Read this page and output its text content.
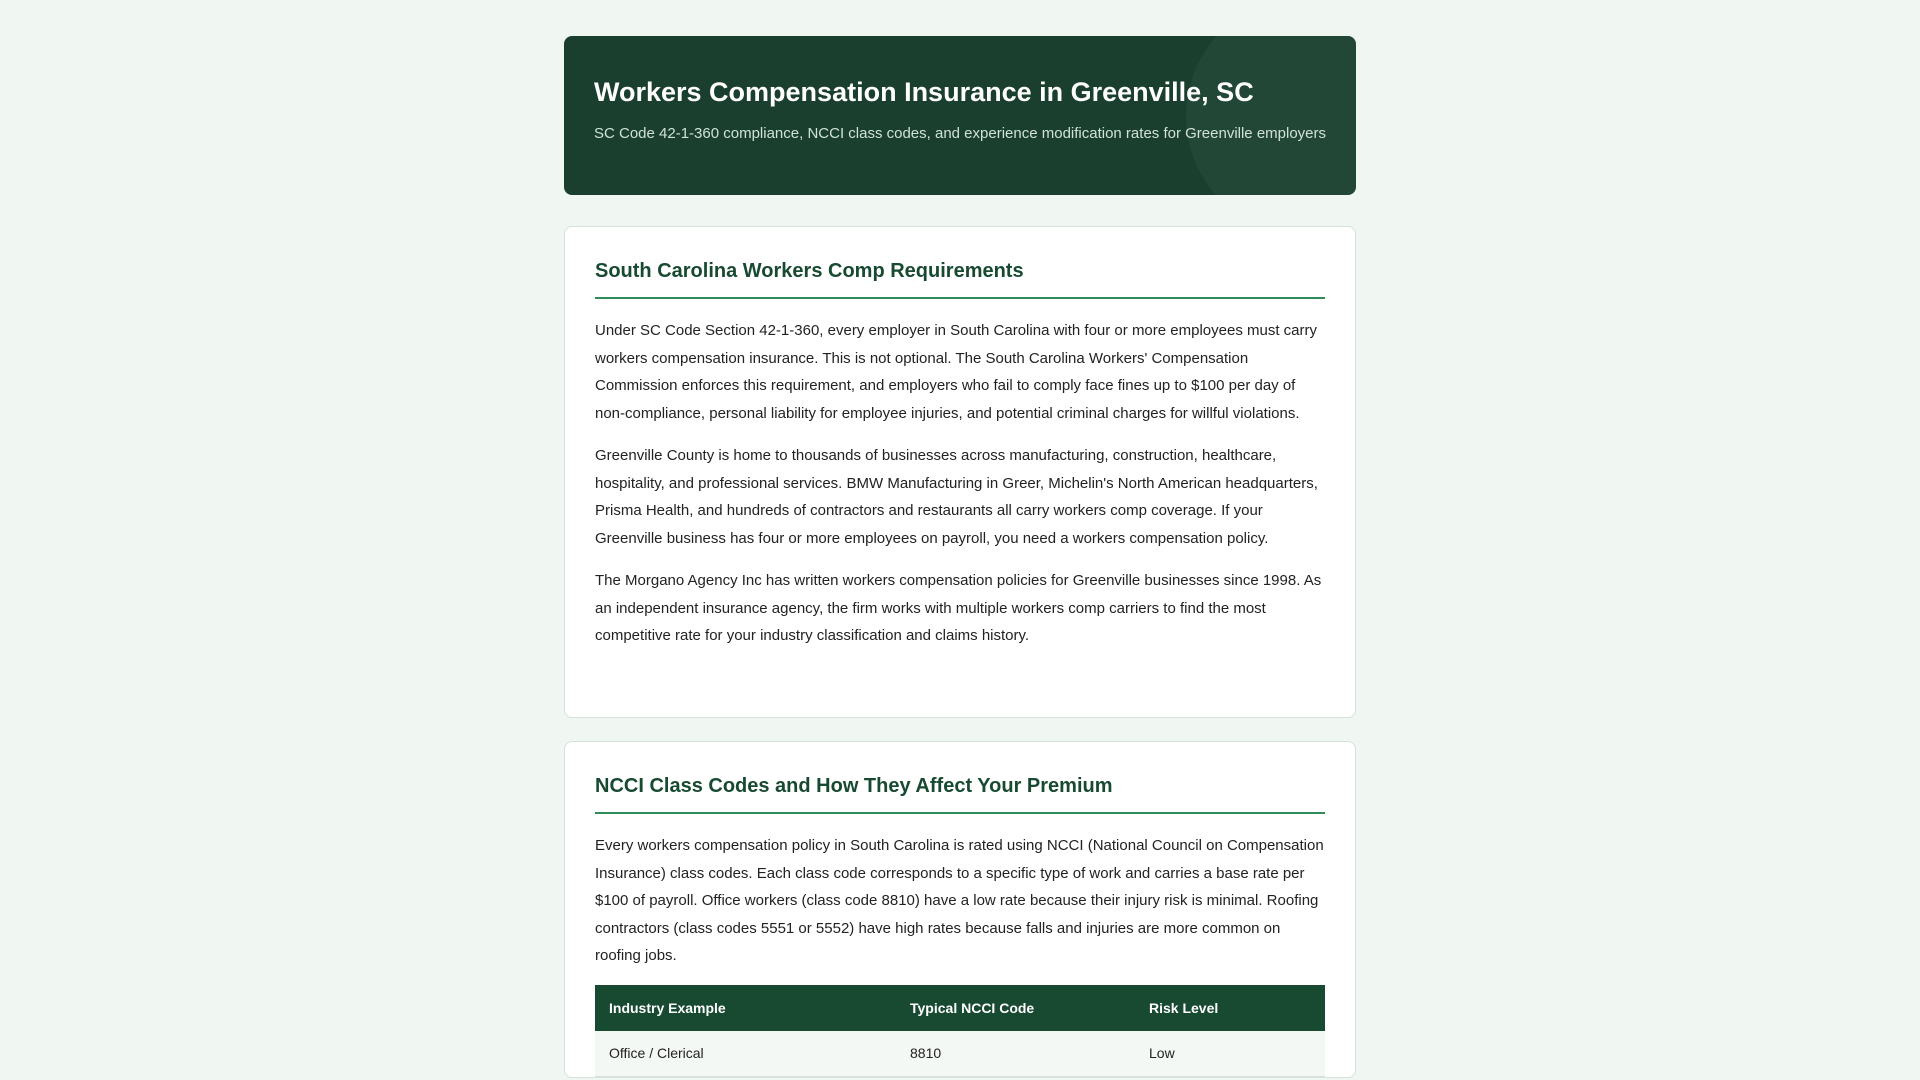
Workers Compensation Insurance in Greenville, SC

SC Code 42-1-360 compliance, NCCI class codes, and experience modification rates for Greenville employers

South Carolina Workers Comp Requirements

Under SC Code Section 42-1-360, every employer in South Carolina with four or more employees must carry workers compensation insurance. This is not optional. The South Carolina Workers' Compensation Commission enforces this requirement, and employers who fail to comply face fines up to $100 per day of non-compliance, personal liability for employee injuries, and potential criminal charges for willful violations.

Greenville County is home to thousands of businesses across manufacturing, construction, healthcare, hospitality, and professional services. BMW Manufacturing in Greer, Michelin's North American headquarters, Prisma Health, and hundreds of contractors and restaurants all carry workers comp coverage. If your Greenville business has four or more employees on payroll, you need a workers compensation policy.

The Morgano Agency Inc has written workers compensation policies for Greenville businesses since 1998. As an independent insurance agency, the firm works with multiple workers comp carriers to find the most competitive rate for your industry classification and claims history.

NCCI Class Codes and How They Affect Your Premium

Every workers compensation policy in South Carolina is rated using NCCI (National Council on Compensation Insurance) class codes. Each class code corresponds to a specific type of work and carries a base rate per $100 of payroll. Office workers (class code 8810) have a low rate because their injury risk is minimal. Roofing contractors (class codes 5551 or 5552) have high rates because falls and injuries are more common on roofing jobs.

Industry Example	Typical NCCI Code	Risk Level
Office / Clerical	8810	Low
